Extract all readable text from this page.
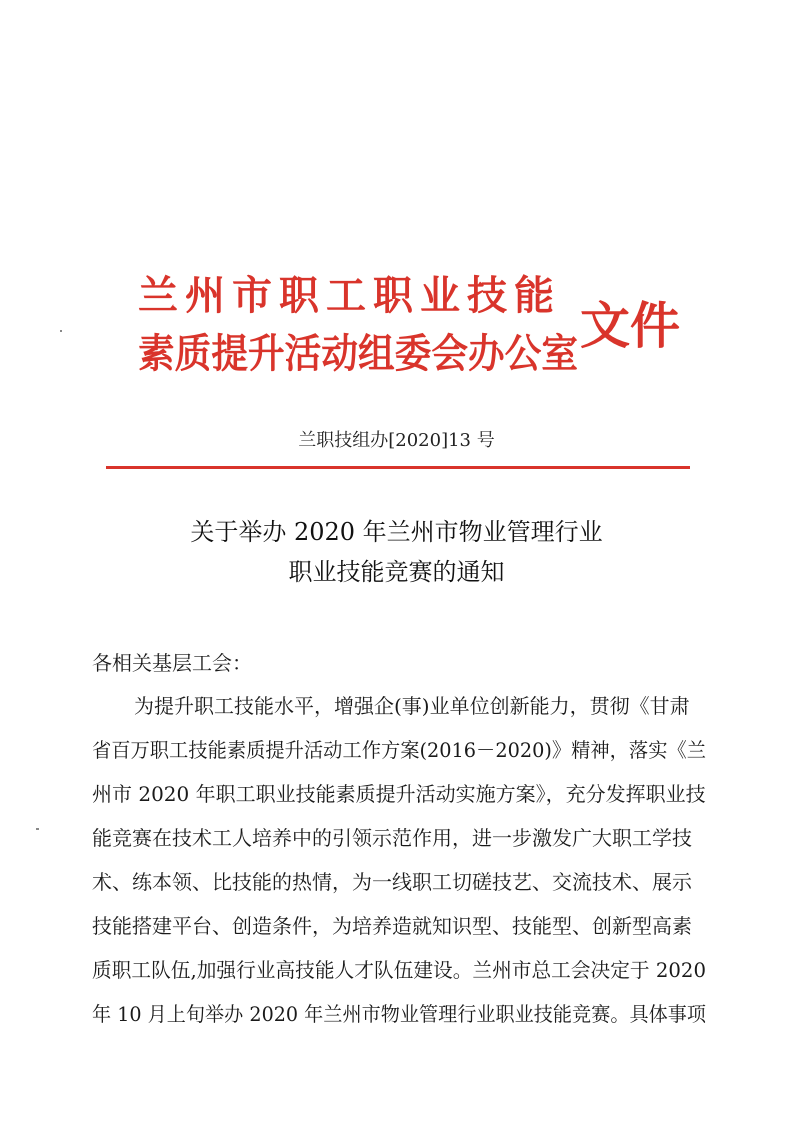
兰州市职工职业技能
素质提升活动组委会办公室 文件
兰职技组办[2020]13 号
关于举办 2020 年兰州市物业管理行业
职业技能竞赛的通知
各相关基层工会：
为提升职工技能水平，增强企(事)业单位创新能力，贯彻《甘肃
省百万职工技能素质提升活动工作方案(2016－2020)》精神，落实《兰
州市 2020 年职工职业技能素质提升活动实施方案》，充分发挥职业技
能竞赛在技术工人培养中的引领示范作用，进一步激发广大职工学技
术、练本领、比技能的热情，为一线职工切磋技艺、交流技术、展示
技能搭建平台、创造条件，为培养造就知识型、技能型、创新型高素
质职工队伍,加强行业高技能人才队伍建设。兰州市总工会决定于 2020
年 10 月上旬举办 2020 年兰州市物业管理行业职业技能竞赛。具体事项
